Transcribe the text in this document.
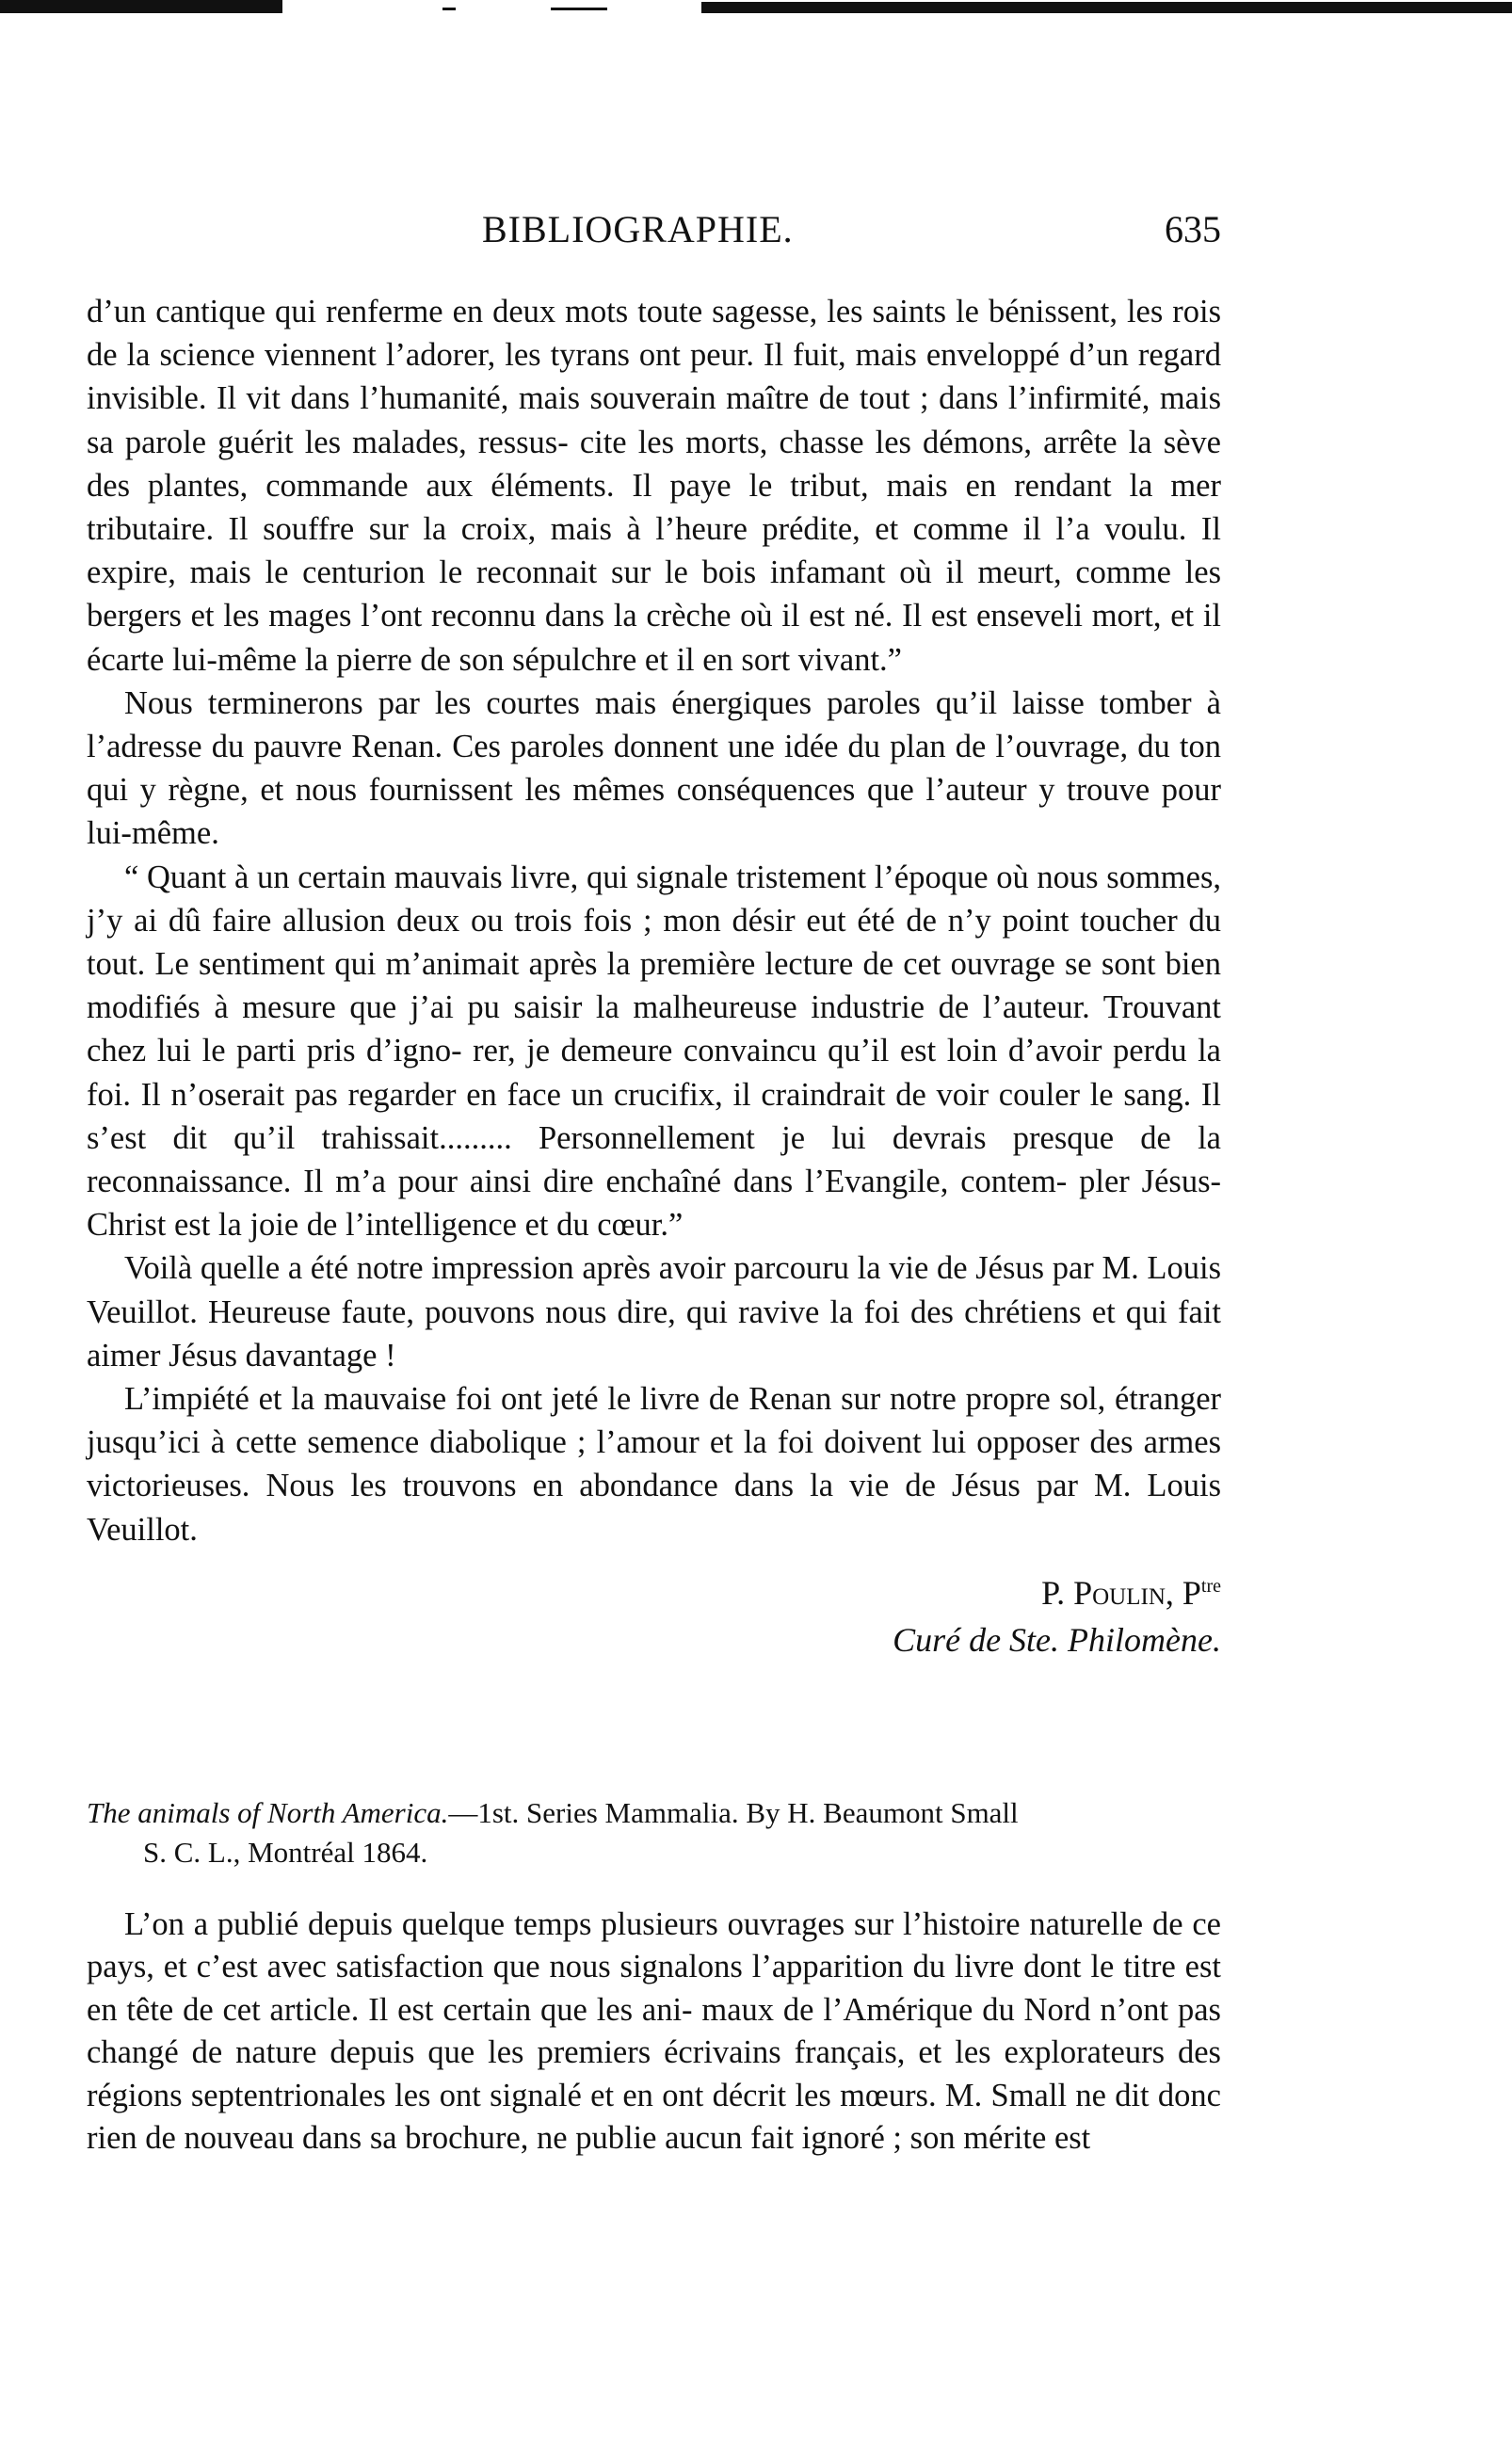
BIBLIOGRAPHIE.	635

d’un cantique qui renferme en deux mots toute sagesse, les saints le bénissent, les rois de la science viennent l’adorer, les tyrans ont peur. Il fuit, mais enveloppé d’un regard invisible. Il vit dans l’humanité, mais souverain maître de tout ; dans l’infirmité, mais sa parole guérit les malades, ressus- cite les morts, chasse les démons, arrête la sève des plantes, commande aux éléments. Il paye le tribut, mais en rendant la mer tributaire. Il souffre sur la croix, mais à l’heure prédite, et comme il l’a voulu. Il expire, mais le centurion le reconnait sur le bois infamant où il meurt, comme les bergers et les mages l’ont reconnu dans la crèche où il est né. Il est enseveli mort, et il écarte lui-même la pierre de son sépulchre et il en sort vivant.”

Nous terminerons par les courtes mais énergiques paroles qu’il laisse tomber à l’adresse du pauvre Renan. Ces paroles donnent une idée du plan de l’ouvrage, du ton qui y règne, et nous fournissent les mêmes conséquences que l’auteur y trouve pour lui-même.

“ Quant à un certain mauvais livre, qui signale tristement l’époque où nous sommes, j’y ai dû faire allusion deux ou trois fois ; mon désir eut été de n’y point toucher du tout. Le sentiment qui m’animait après la première lecture de cet ouvrage se sont bien modifiés à mesure que j’ai pu saisir la malheureuse industrie de l’auteur. Trouvant chez lui le parti pris d’igno- rer, je demeure convaincu qu’il est loin d’avoir perdu la foi. Il n’oserait pas regarder en face un crucifix, il craindrait de voir couler le sang. Il s’est dit qu’il trahissait......... Personnellement je lui devrais presque de la reconnaissance. Il m’a pour ainsi dire enchaîné dans l’Evangile, contem- pler Jésus-Christ est la joie de l’intelligence et du cœur.”

Voilà quelle a été notre impression après avoir parcouru la vie de Jésus par M. Louis Veuillot. Heureuse faute, pouvons nous dire, qui ravive la foi des chrétiens et qui fait aimer Jésus davantage !

L’impiété et la mauvaise foi ont jeté le livre de Renan sur notre propre sol, étranger jusqu’ici à cette semence diabolique ; l’amour et la foi doivent lui opposer des armes victorieuses. Nous les trouvons en abondance dans la vie de Jésus par M. Louis Veuillot.

P. Poulin, $P^{tre}$
Curé de Ste. Philomène.
The animals of North America.—1st. Series Mammalia. By H. Beaumont Small
S. C. L., Montréal 1864.

L’on a publié depuis quelque temps plusieurs ouvrages sur l’histoire naturelle de ce pays, et c’est avec satisfaction que nous signalons l’apparition du livre dont le titre est en tête de cet article. Il est certain que les ani- maux de l’Amérique du Nord n’ont pas changé de nature depuis que les premiers écrivains français, et les explorateurs des régions septentrionales les ont signalé et en ont décrit les mœurs. M. Small ne dit donc rien de nouveau dans sa brochure, ne publie aucun fait ignoré ; son mérite est
